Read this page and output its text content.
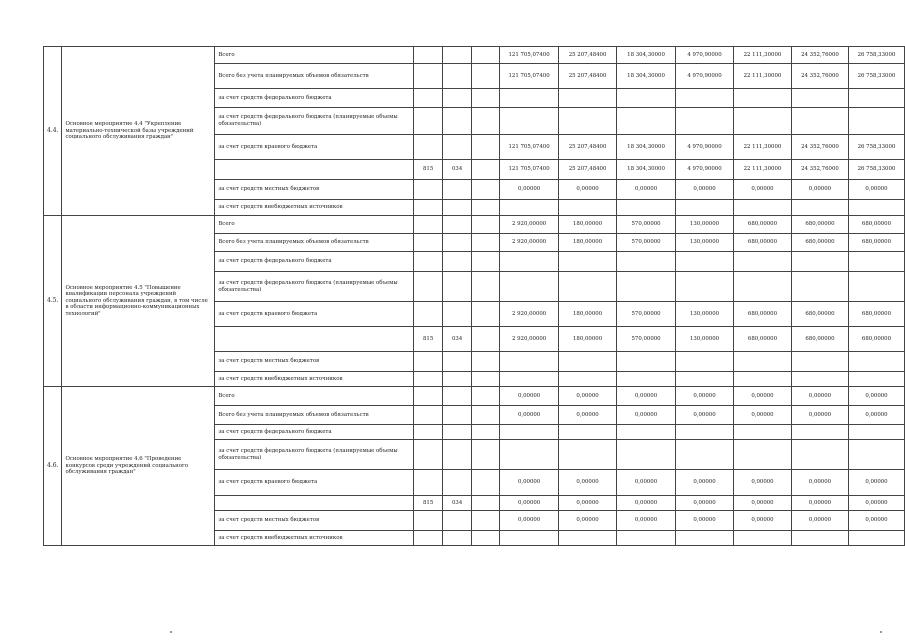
4.4.	Основное мероприятие 4.4 "Укрепление материально-технической базы учреждений социального обслуживания граждан"	Всего				121 705,07400	25 207,48400	18 304,30000	4 970,90000	22 111,30000	24 352,76000	26 758,33000
		Всего без учета планируемых объемов обязательств				121 705,07400	25 207,48400	18 304,30000	4 970,90000	22 111,30000	24 352,76000	26 758,33000
		за счет средств федерального бюджета										
		за счет средств федерального бюджета (планируемые объемы обязательства)										
		за счет средств краевого бюджета				121 705,07400	25 207,48400	18 304,30000	4 970,90000	22 111,30000	24 352,76000	26 758,33000
			815	034		121 705,07400	25 207,48400	18 304,30000	4 970,90000	22 111,30000	24 352,76000	26 758,33000
		за счет средств местных бюджетов				0,00000	0,00000	0,00000	0,00000	0,00000	0,00000	0,00000
		за счет средств внебюджетных источников										
4.5.	Основное мероприятие 4.5 "Повышение квалификации персонала учреждений социального обслуживания граждан, в том числе в области информационно-коммуникационных технологий"	Всего				2 920,00000	180,00000	570,00000	130,00000	680,00000	680,00000	680,00000
		Всего без учета планируемых объемов обязательств				2 920,00000	180,00000	570,00000	130,00000	680,00000	680,00000	680,00000
		за счет средств федерального бюджета										
		за счет средств федерального бюджета (планируемые объемы обязательства)										
		за счет средств краевого бюджета				2 920,00000	180,00000	570,00000	130,00000	680,00000	680,00000	680,00000
			815	034		2 920,00000	180,00000	570,00000	130,00000	680,00000	680,00000	680,00000
		за счет средств местных бюджетов										
		за счет средств внебюджетных источников										
4.6.	Основное мероприятие 4.6 "Проведение конкурсов среди учреждений социального обслуживания граждан"	Всего				0,00000	0,00000	0,00000	0,00000	0,00000	0,00000	0,00000
		Всего без учета планируемых объемов обязательств				0,00000	0,00000	0,00000	0,00000	0,00000	0,00000	0,00000
		за счет средств федерального бюджета										
		за счет средств федерального бюджета (планируемые объемы обязательства)										
		за счет средств краевого бюджета				0,00000	0,00000	0,00000	0,00000	0,00000	0,00000	0,00000
			815	034		0,00000	0,00000	0,00000	0,00000	0,00000	0,00000	0,00000
		за счет средств местных бюджетов				0,00000	0,00000	0,00000	0,00000	0,00000	0,00000	0,00000
		за счет средств внебюджетных источников										
